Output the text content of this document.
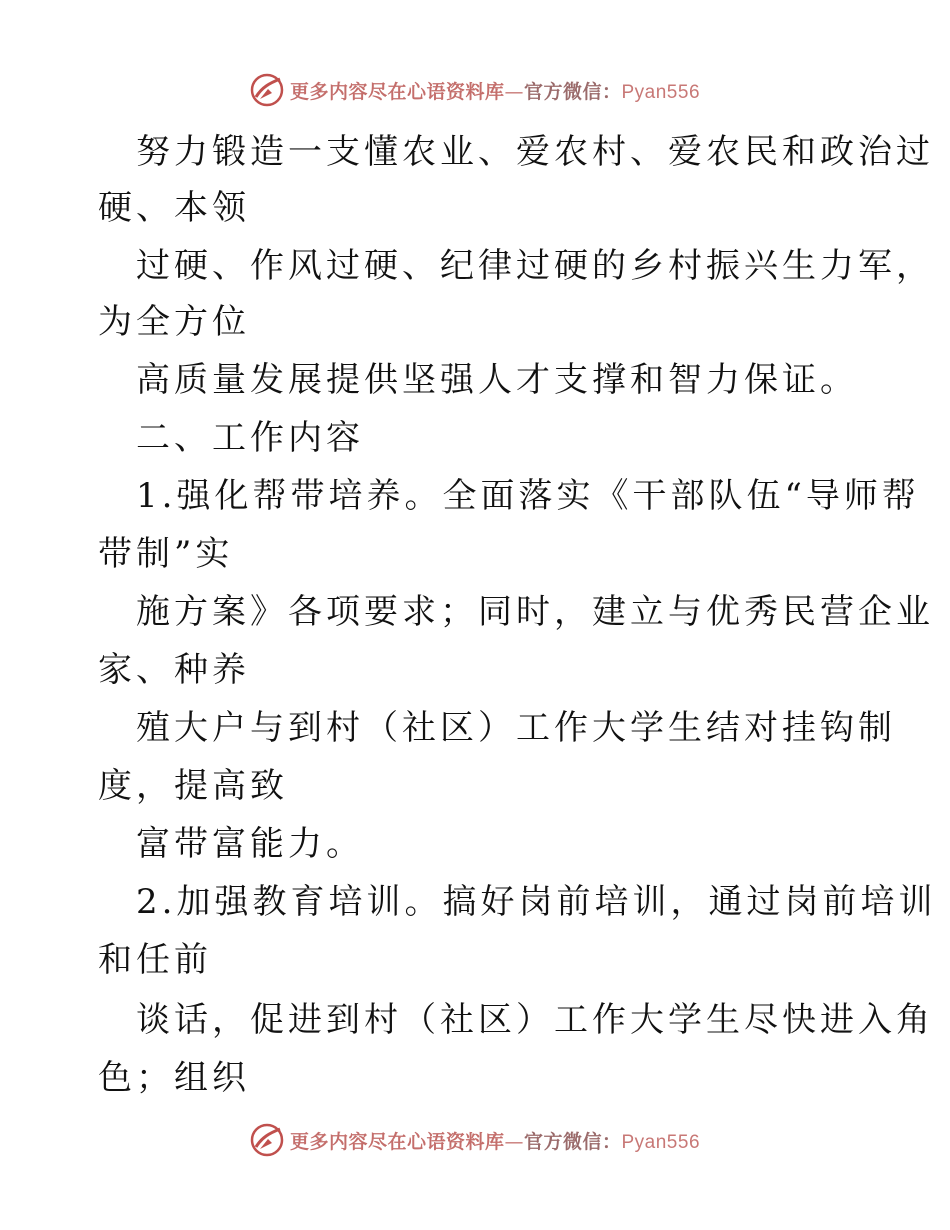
更多内容尽在心语资料库—官方微信：Pyan556
努力锻造一支懂农业、爱农村、爱农民和政治过
硬、本领
过硬、作风过硬、纪律过硬的乡村振兴生力军，
为全方位
高质量发展提供坚强人才支撑和智力保证。
二、工作内容
1.强化帮带培养。全面落实《干部队伍“导师帮
带制”实
施方案》各项要求；同时，建立与优秀民营企业
家、种养
殖大户与到村（社区）工作大学生结对挂钩制
度，提高致
富带富能力。
2.加强教育培训。搞好岗前培训，通过岗前培训
和任前
谈话，促进到村（社区）工作大学生尽快进入角
色；组织
更多内容尽在心语资料库—官方微信：Pyan556
